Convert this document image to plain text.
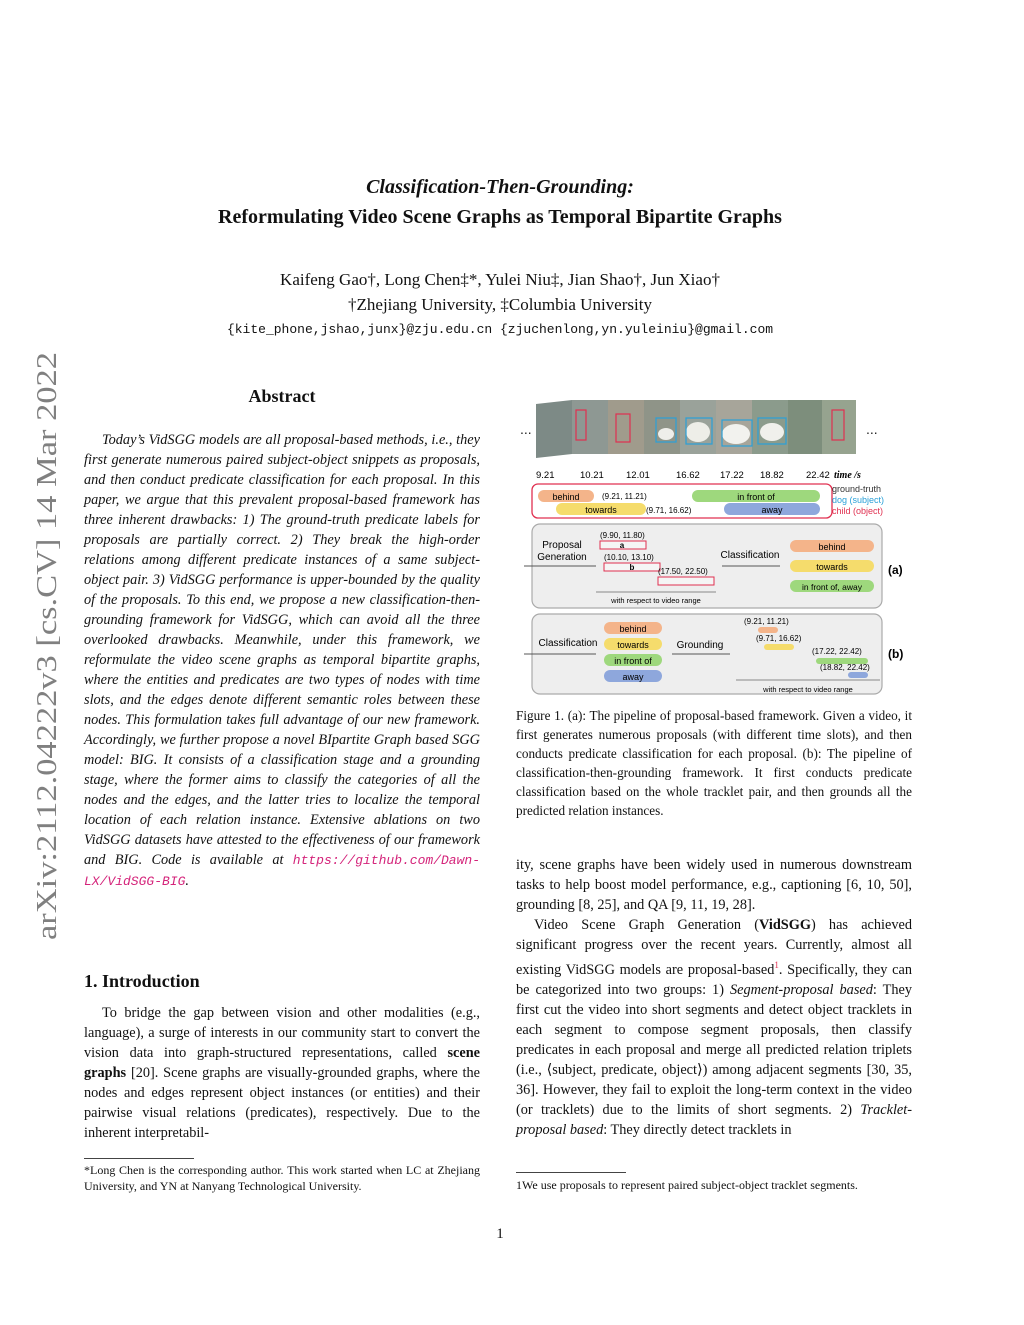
arXiv:2112.04222v3 [cs.CV] 14 Mar 2022
Classification-Then-Grounding:
Reformulating Video Scene Graphs as Temporal Bipartite Graphs
Kaifeng Gao†, Long Chen‡*, Yulei Niu‡, Jian Shao†, Jun Xiao†
†Zhejiang University, ‡Columbia University
{kite_phone,jshao,junx}@zju.edu.cn {zjuchenlong,yn.yuleiniu}@gmail.com
Abstract

Today’s VidSGG models are all proposal-based methods, i.e., they first generate numerous paired subject-object snippets as proposals, and then conduct predicate classification for each proposal. In this paper, we argue that this prevalent proposal-based framework has three inherent drawbacks: 1) The ground-truth predicate labels for proposals are partially correct. 2) They break the high-order relations among different predicate instances of a same subject-object pair. 3) VidSGG performance is upper-bounded by the quality of the proposals. To this end, we propose a new classification-then-grounding framework for VidSGG, which can avoid all the three overlooked drawbacks. Meanwhile, under this framework, we reformulate the video scene graphs as temporal bipartite graphs, where the entities and predicates are two types of nodes with time slots, and the edges denote different semantic roles between these nodes. This formulation takes full advantage of our new framework. Accordingly, we further propose a novel BIpartite Graph based SGG model: BIG. It consists of a classification stage and a grounding stage, where the former aims to classify the categories of all the nodes and the edges, and the latter tries to localize the temporal location of each relation instance. Extensive ablations on two VidSGG datasets have attested to the effectiveness of our framework and BIG. Code is available at https://github.com/Dawn-LX/VidSGG-BIG.

1. Introduction

To bridge the gap between vision and other modalities (e.g., language), a surge of interests in our community start to convert the vision data into graph-structured representations, called scene graphs [20]. Scene graphs are visually-grounded graphs, where the nodes and edges represent object instances (or entities) and their pairwise visual relations (predicates), respectively. Due to the inherent interpretabil-

*Long Chen is the corresponding author. This work started when LC at Zhejiang University, and YN at Nanyang Technological University.
...	...
9.21	10.21 12.01	16.62 17.22 18.82 22.42 time /s
ground-truth
dog (subject)
child (object)
behind	(9.21, 11.21)	in front of
towards	(9.71, 16.62)	away
Proposal
Generation
(9.90, 11.80)
a
(10.10, 13.10)
b	(17.50, 22.50)
with respect to video range
Classification
behind
towards
in front of, away
(a)
Classification
behind
towards
in front of
away
Grounding
(9.21, 11.21)
(9.71, 16.62)
(17.22, 22.42)
(18.82, 22.42)
with respect to video range
(b)
Figure 1. (a): The pipeline of proposal-based framework. Given a video, it first generates numerous proposals (with different time slots), and then conducts predicate classification for each proposal. (b): The pipeline of classification-then-grounding framework. It first conducts predicate classification based on the whole tracklet pair, and then grounds all the predicted relation instances.

ity, scene graphs have been widely used in numerous downstream tasks to help boost model performance, e.g., captioning [6, 10, 50], grounding [8, 25], and QA [9, 11, 19, 28].

Video Scene Graph Generation (VidSGG) has achieved significant progress over the recent years. Currently, almost all existing VidSGG models are proposal-based$^1$. Specifically, they can be categorized into two groups: 1) Segment-proposal based: They first cut the video into short segments and detect object tracklets in each segment to compose segment proposals, then classify predicates in each proposal and merge all predicted relation triplets (i.e., ⟨subject, predicate, object⟩) among adjacent segments [30, 35, 36]. However, they fail to exploit the long-term context in the video (or tracklets) due to the limits of short segments. 2) Tracklet-proposal based: They directly detect tracklets in

1We use proposals to represent paired subject-object tracklet segments.
1
